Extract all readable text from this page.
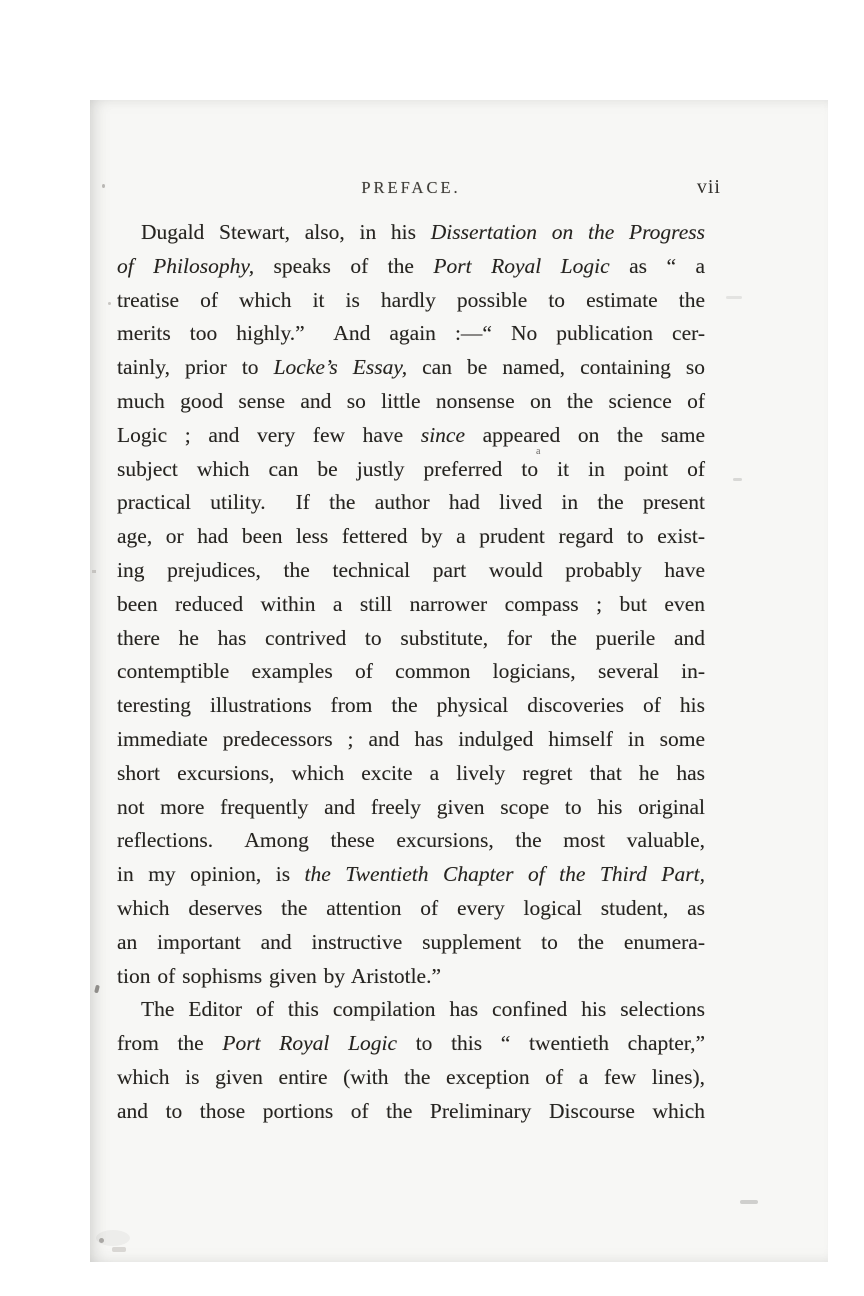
PREFACE.	vii
Dugald Stewart, also, in his Dissertation on the Progress
of Philosophy, speaks of the Port Royal Logic as “ a
treatise of which it is hardly possible to estimate the
merits too highly.”  And again :—“ No publication cer-
tainly, prior to Locke’s Essay, can be named, containing so
much good sense and so little nonsense on the science of
Logic ; and very few have since appeared on the same
subject which can be justly preferred to it in point of
practical utility.  If the author had lived in the present
age, or had been less fettered by a prudent regard to exist-
ing prejudices, the technical part would probably have
been reduced within a still narrower compass ; but even
there he has contrived to substitute, for the puerile and
contemptible examples of common logicians, several in-
teresting illustrations from the physical discoveries of his
immediate predecessors ; and has indulged himself in some
short excursions, which excite a lively regret that he has
not more frequently and freely given scope to his original
reflections.  Among these excursions, the most valuable,
in my opinion, is the Twentieth Chapter of the Third Part,
which deserves the attention of every logical student, as
an important and instructive supplement to the enumera-
tion of sophisms given by Aristotle.”
The Editor of this compilation has confined his selections
from the Port Royal Logic to this “ twentieth chapter,”
which is given entire (with the exception of a few lines),
and to those portions of the Preliminary Discourse which
a
